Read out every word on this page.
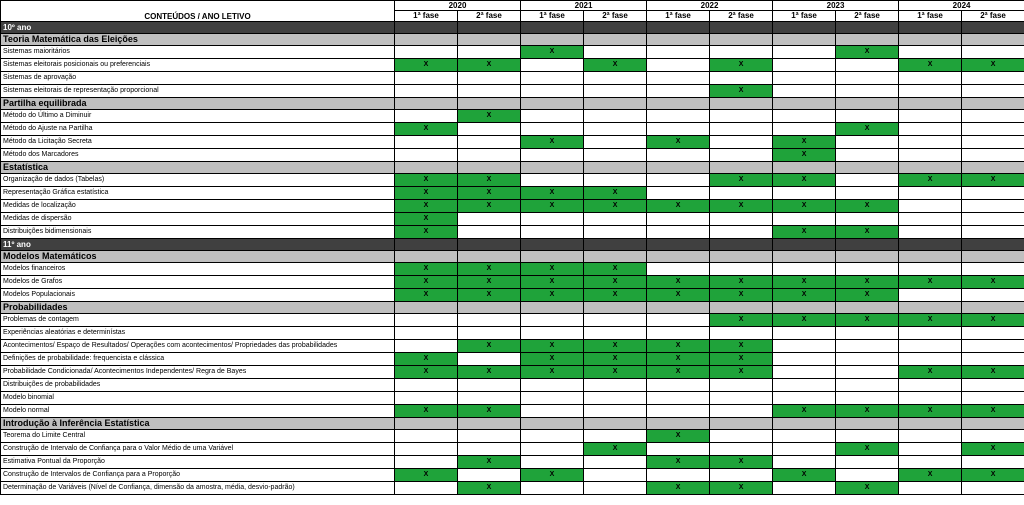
CONTEÚDOS / ANO LETIVO	2020		2021		2022		2023		2024	
	1ª fase	2ª fase	1ª fase	2ª fase	1ª fase	2ª fase	1ª fase	2ª fase	1ª fase	2ª fase
10º ano										
Teoria Matemática das Eleições										
Sistemas maioritários			X					X		
Sistemas eleitorais posicionais ou preferenciais	X	X		X		X			X	X
Sistemas de aprovação										
Sistemas eleitorais de representação proporcional						X				
Partilha equilibrada										
Método do Último a Diminuir		X								
Método do Ajuste na Partilha	X							X		
Método da Licitação Secreta			X		X		X			
Método dos Marcadores							X			
Estatística										
Organização de dados (Tabelas)	X	X				X	X		X	X
Representação Gráfica estatística	X	X	X	X						
Medidas de localização	X	X	X	X	X	X	X	X		
Medidas de dispersão	X									
Distribuições bidimensionais	X						X	X		
11º ano										
Modelos Matemáticos										
Modelos financeiros	X	X	X	X						
Modelos de Grafos	X	X	X	X	X	X	X	X	X	X
Modelos Populacionais	X	X	X	X	X	X	X	X		
Probabilidades										
Problemas de contagem						X	X	X	X	X
Experiências aleatórias e determinístas										
Acontecimentos/ Espaço de Resultados/ Operações com acontecimentos/ Propriedades das probabilidades		X	X	X	X	X				
Definições de probabilidade: frequencista e clássica	X		X	X	X	X				
Probabilidade Condicionada/ Acontecimentos Independentes/ Regra de Bayes	X	X	X	X	X	X			X	X
Distribuições de probabilidades										
Modelo binomial										
Modelo normal	X	X					X	X	X	X
Introdução à Inferência Estatística										
Teorema do Limite Central					X					
Construção de Intervalo de Confiança para o Valor Médio de uma Variável				X				X		X
Estimativa Pontual da Proporção		X			X	X				
Construção de Intervalos de Confiança para a Proporção	X		X				X		X	X
Determinação de Variáveis (Nível de Confiança, dimensão da amostra, média, desvio-padrão)		X			X	X		X		
